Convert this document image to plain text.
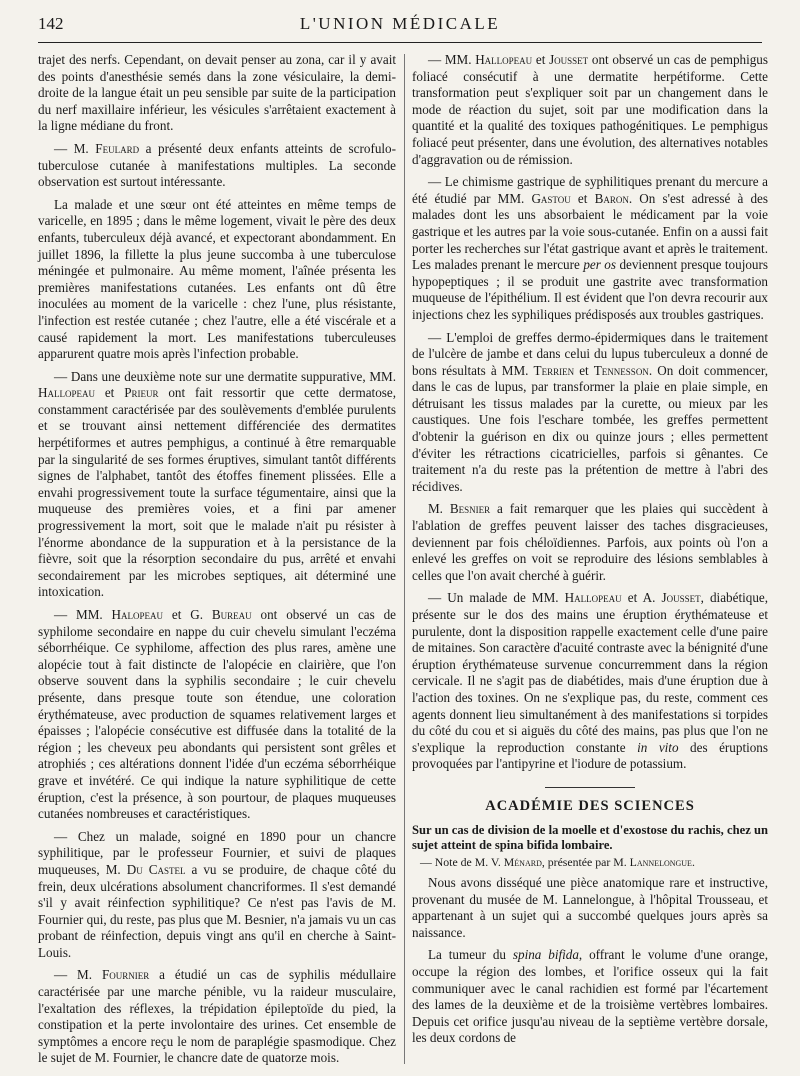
142	L'UNION MÉDICALE

trajet des nerfs. Cependant, on devait penser au zona, car il y avait des points d'anesthésie semés dans la zone vésiculaire, la demi-droite de la langue était un peu sensible par suite de la participation du nerf maxillaire inférieur, les vésicules s'arrêtaient exactement à la ligne médiane du front.

— M. Feulard a présenté deux enfants atteints de scrofulo-tuberculose cutanée à manifestations multiples. La seconde observation est surtout intéressante.

La malade et une sœur ont été atteintes en même temps de varicelle, en 1895 ; dans le même logement, vivait le père des deux enfants, tuberculeux déjà avancé, et expectorant abondamment. En juillet 1896, la fillette la plus jeune succomba à une tuberculose méningée et pulmonaire. Au même moment, l'aînée présenta les premières manifestations cutanées. Les enfants ont dû être inoculées au moment de la varicelle : chez l'une, plus résistante, l'infection est restée cutanée ; chez l'autre, elle a été viscérale et a causé rapidement la mort. Les manifestations tuberculeuses apparurent quatre mois après l'infection probable.

— Dans une deuxième note sur une dermatite suppurative, MM. Hallopeau et Prieur ont fait ressortir que cette dermatose, constamment caractérisée par des soulèvements d'emblée purulents et se trouvant ainsi nettement différenciée des dermatites herpétiformes et autres pemphigus, a continué à être remarquable par la singularité de ses formes éruptives, simulant tantôt différents signes de l'alphabet, tantôt des étoffes finement plissées. Elle a envahi progressivement toute la surface tégumentaire, ainsi que la muqueuse des premières voies, et a fini par amener progressivement la mort, soit que le malade n'ait pu résister à l'énorme abondance de la suppuration et à la persistance de la fièvre, soit que la résorption secondaire du pus, arrêté et envahi secondairement par les microbes septiques, ait déterminé une intoxication.

— MM. Halopeau et G. Bureau ont observé un cas de syphilome secondaire en nappe du cuir chevelu simulant l'eczéma séborrhéique. Ce syphilome, affection des plus rares, amène une alopécie tout à fait distincte de l'alopécie en clairière, que l'on observe souvent dans la syphilis secondaire ; le cuir chevelu présente, dans presque toute son étendue, une coloration érythémateuse, avec production de squames relativement larges et épaisses ; l'alopécie consécutive est diffusée dans la totalité de la région ; les cheveux peu abondants qui persistent sont grêles et atrophiés ; ces altérations donnent l'idée d'un eczéma séborrhéique grave et invétéré. Ce qui indique la nature syphilitique de cette éruption, c'est la présence, à son pourtour, de plaques muqueuses cutanées nombreuses et caractéristiques.

— Chez un malade, soigné en 1890 pour un chancre syphilitique, par le professeur Fournier, et suivi de plaques muqueuses, M. Du Castel a vu se produire, de chaque côté du frein, deux ulcérations absolument chancriformes. Il s'est demandé s'il y avait réinfection syphilitique? Ce n'est pas l'avis de M. Fournier qui, du reste, pas plus que M. Besnier, n'a jamais vu un cas probant de réinfection, depuis vingt ans qu'il en cherche à Saint-Louis.

— M. Fournier a étudié un cas de syphilis médullaire caractérisée par une marche pénible, vu la raideur musculaire, l'exaltation des réflexes, la trépidation épileptoïde du pied, la constipation et la perte involontaire des urines. Cet ensemble de symptômes a encore reçu le nom de paraplégie spasmodique. Chez le sujet de M. Fournier, le chancre date de quatorze mois.

— MM. Hallopeau et Jousset ont observé un cas de pemphigus foliacé consécutif à une dermatite herpétiforme. Cette transformation peut s'expliquer soit par un changement dans le mode de réaction du sujet, soit par une modification dans la quantité et la qualité des toxiques pathogénitiques. Le pemphigus foliacé peut présenter, dans une évolution, des alternatives notables d'aggravation ou de rémission.

— Le chimisme gastrique de syphilitiques prenant du mercure a été étudié par MM. Gastou et Baron. On s'est adressé à des malades dont les uns absorbaient le médicament par la voie gastrique et les autres par la voie sous-cutanée. Enfin on a aussi fait porter les recherches sur l'état gastrique avant et après le traitement. Les malades prenant le mercure per os deviennent presque toujours hypopeptiques ; il se produit une gastrite avec transformation muqueuse de l'épithélium. Il est évident que l'on devra recourir aux injections chez les syphiliques prédisposés aux troubles gastriques.

— L'emploi de greffes dermo-épidermiques dans le traitement de l'ulcère de jambe et dans celui du lupus tuberculeux a donné de bons résultats à MM. Terrien et Tennesson. On doit commencer, dans le cas de lupus, par transformer la plaie en plaie simple, en détruisant les tissus malades par la curette, ou mieux par les caustiques. Une fois l'eschare tombée, les greffes permettent d'obtenir la guérison en dix ou quinze jours ; elles permettent d'éviter les rétractions cicatricielles, parfois si gênantes. Ce traitement n'a du reste pas la prétention de mettre à l'abri des récidives.

M. Besnier a fait remarquer que les plaies qui succèdent à l'ablation de greffes peuvent laisser des taches disgracieuses, deviennent par fois chéloïdiennes. Parfois, aux points où l'on a enlevé les greffes on voit se reproduire des lésions semblables à celles que l'on avait cherché à guérir.

— Un malade de MM. Hallopeau et A. Jousset, diabétique, présente sur le dos des mains une éruption érythémateuse et purulente, dont la disposition rappelle exactement celle d'une paire de mitaines. Son caractère d'acuité contraste avec la bénignité d'une éruption érythémateuse survenue concurremment dans la région cervicale. Il ne s'agit pas de diabétides, mais d'une éruption due à l'action des toxines. On ne s'explique pas, du reste, comment ces agents donnent lieu simultanément à des manifestations si torpides du côté du cou et si aiguës du côté des mains, pas plus que l'on ne s'explique la reproduction constante in vito des éruptions provoquées par l'antipyrine et l'iodure de potassium.

ACADÉMIE DES SCIENCES

Sur un cas de division de la moelle et d'exostose du rachis, chez un sujet atteint de spina bifida lombaire.

— Note de M. V. Ménard, présentée par M. Lannelongue.

Nous avons disséqué une pièce anatomique rare et instructive, provenant du musée de M. Lannelongue, à l'hôpital Trousseau, et appartenant à un sujet qui a succombé quelques jours après sa naissance.

La tumeur du spina bifida, offrant le volume d'une orange, occupe la région des lombes, et l'orifice osseux qui la fait communiquer avec le canal rachidien est formé par l'écartement des lames de la deuxième et de la troisième vertèbres lombaires. Depuis cet orifice jusqu'au niveau de la septième vertèbre dorsale, les deux cordons de
